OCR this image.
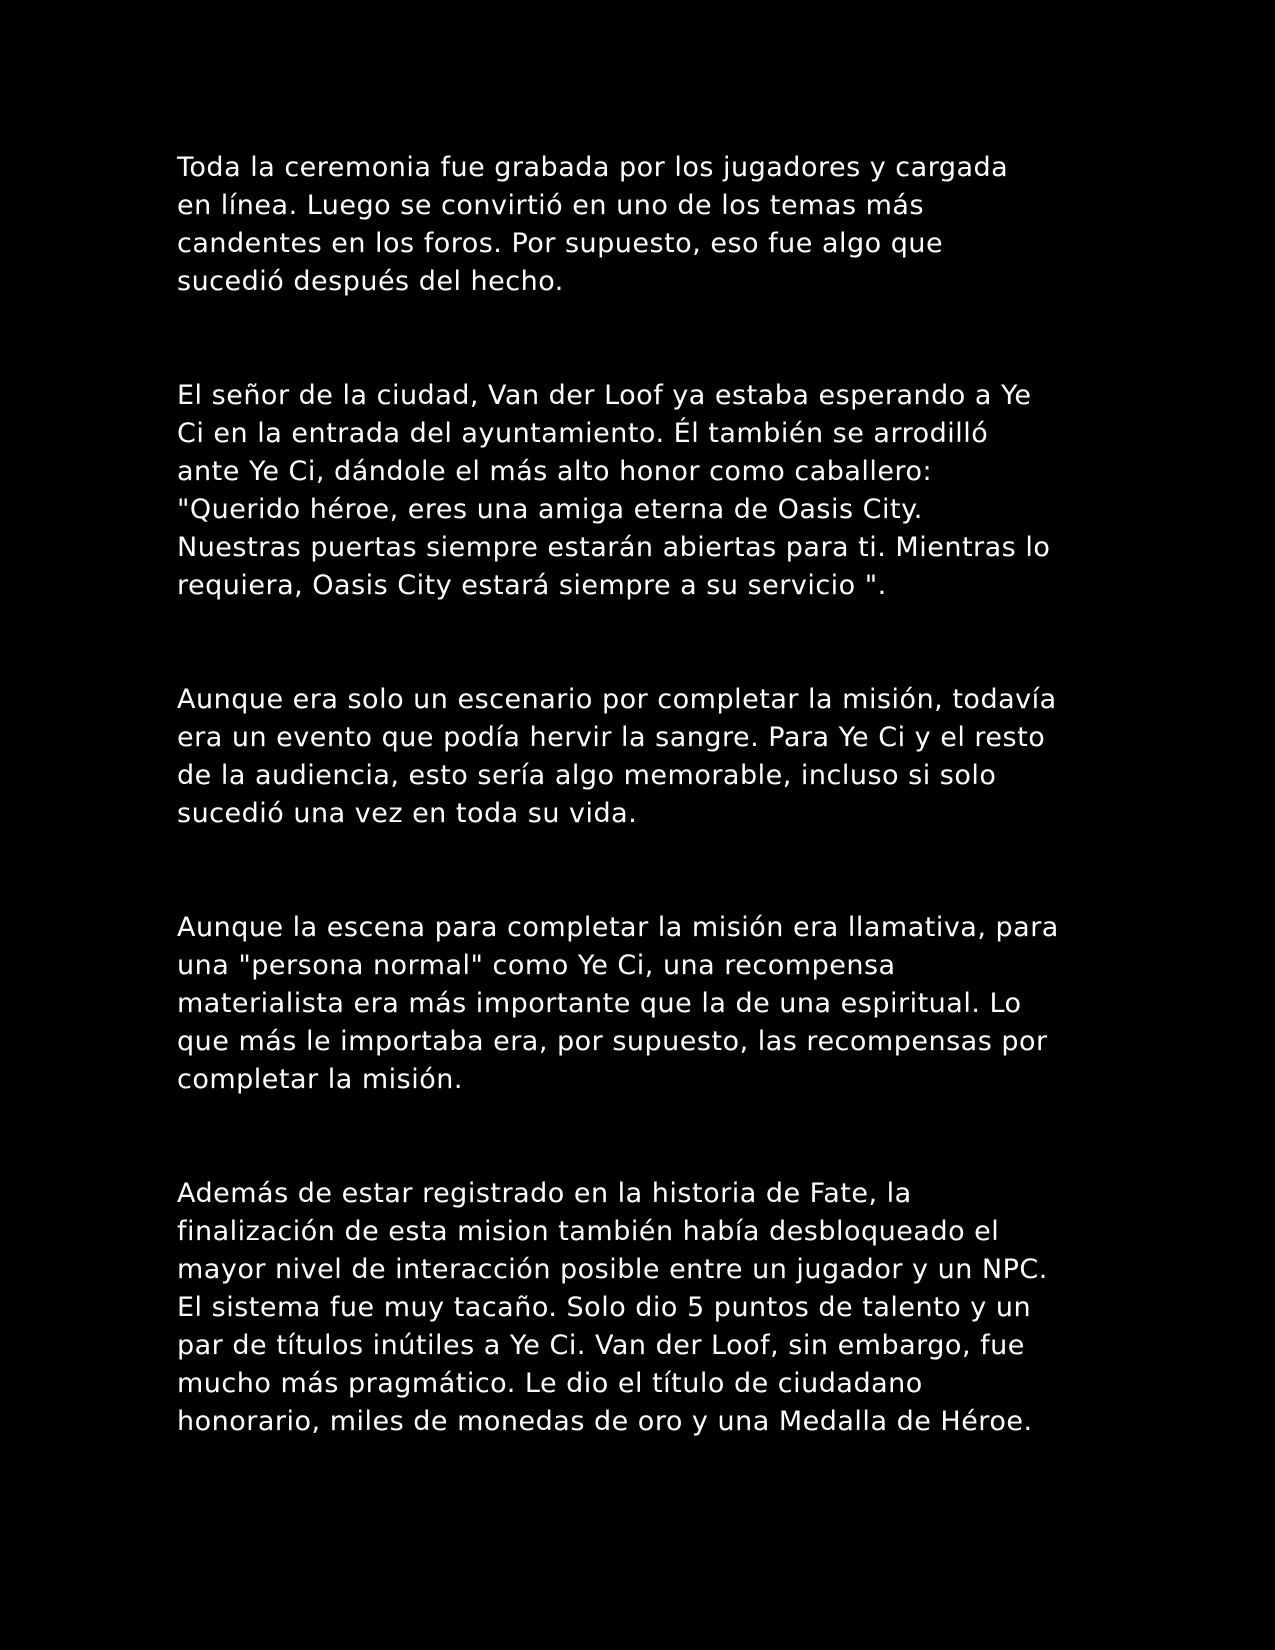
Toda la ceremonia fue grabada por los jugadores y cargada
en línea. Luego se convirtió en uno de los temas más
candentes en los foros. Por supuesto, eso fue algo que
sucedió después del hecho.

El señor de la ciudad, Van der Loof ya estaba esperando a Ye
Ci en la entrada del ayuntamiento. Él también se arrodilló
ante Ye Ci, dándole el más alto honor como caballero:
"Querido héroe, eres una amiga eterna de Oasis City.
Nuestras puertas siempre estarán abiertas para ti. Mientras lo
requiera, Oasis City estará siempre a su servicio ".

Aunque era solo un escenario por completar la misión, todavía
era un evento que podía hervir la sangre. Para Ye Ci y el resto
de la audiencia, esto sería algo memorable, incluso si solo
sucedió una vez en toda su vida.

Aunque la escena para completar la misión era llamativa, para
una "persona normal" como Ye Ci, una recompensa
materialista era más importante que la de una espiritual. Lo
que más le importaba era, por supuesto, las recompensas por
completar la misión.

Además de estar registrado en la historia de Fate, la
finalización de esta mision también había desbloqueado el
mayor nivel de interacción posible entre un jugador y un NPC.
El sistema fue muy tacaño. Solo dio 5 puntos de talento y un
par de títulos inútiles a Ye Ci. Van der Loof, sin embargo, fue
mucho más pragmático. Le dio el título de ciudadano
honorario, miles de monedas de oro y una Medalla de Héroe.
